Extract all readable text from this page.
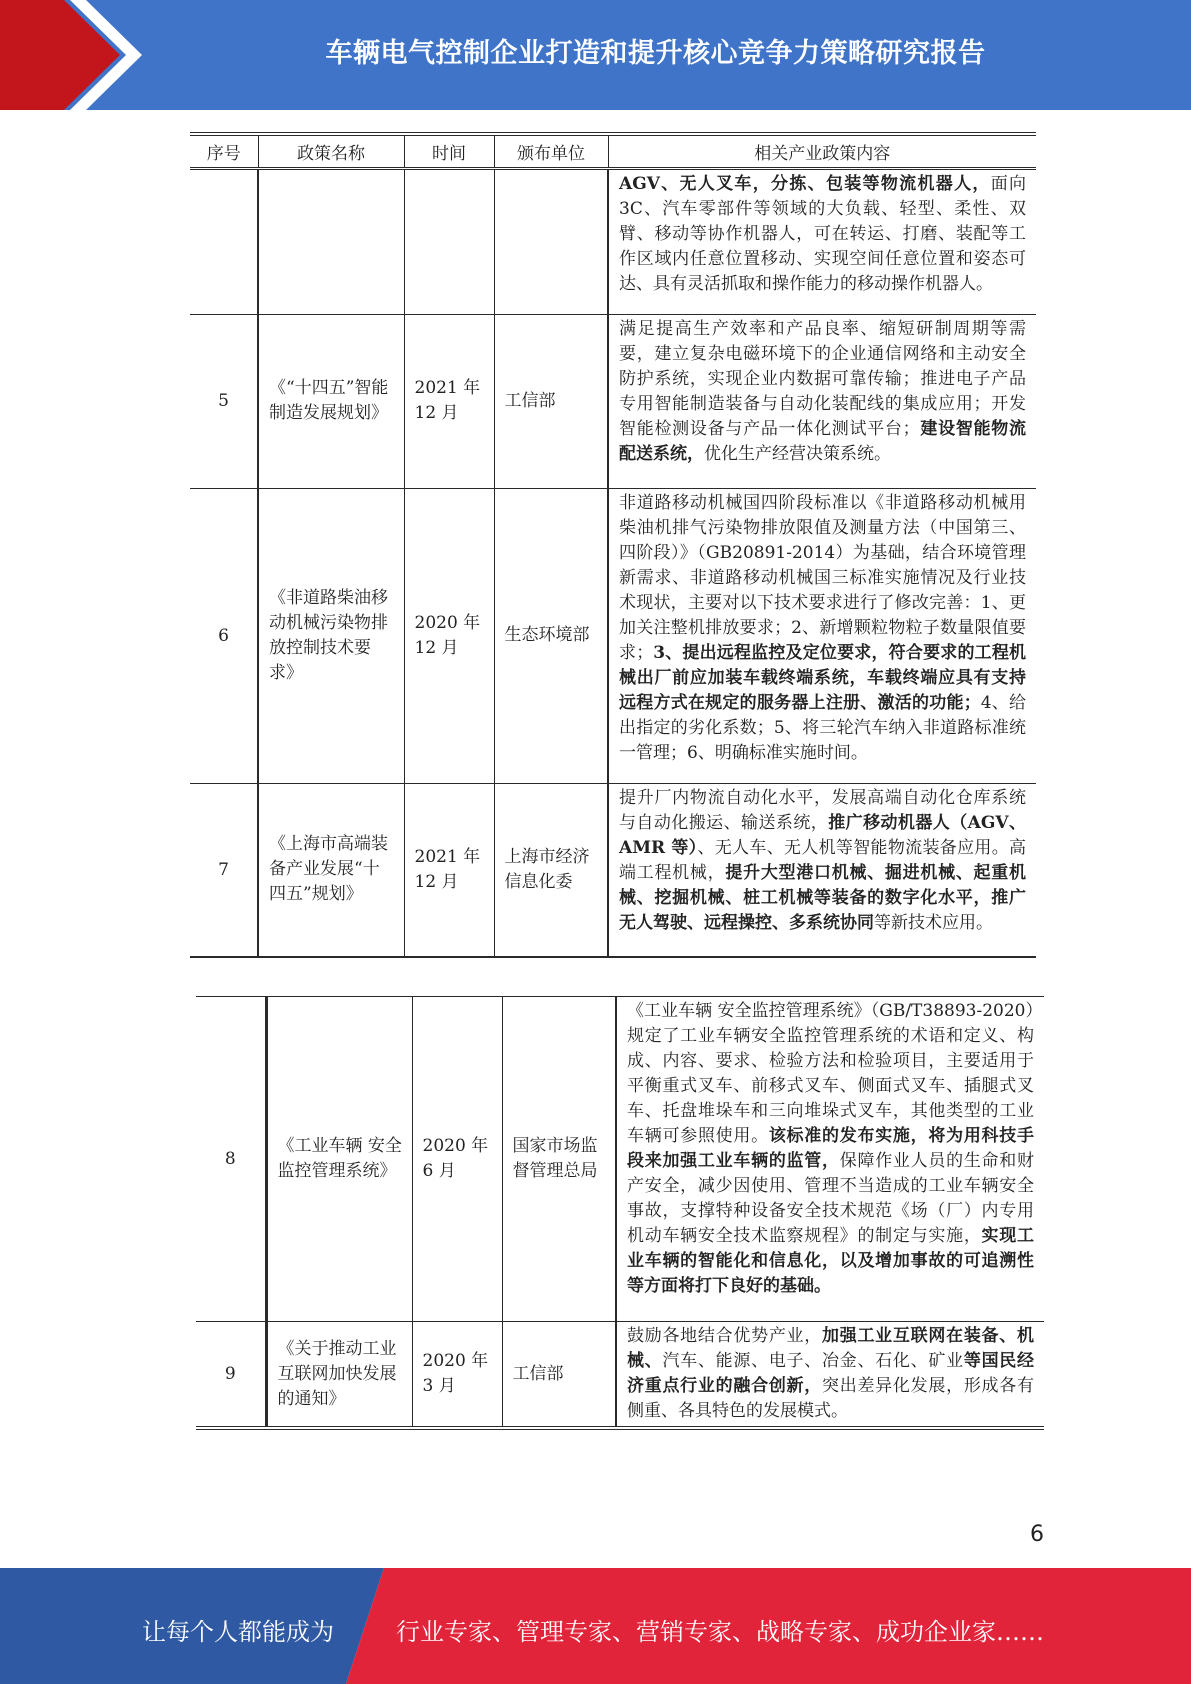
车辆电气控制企业打造和提升核心竞争力策略研究报告
序号	政策名称	时间	颁布单位	相关产业政策内容
				AGV、无人叉车，分拣、包装等物流机器人，面向 3C、汽车零部件等领域的大负载、轻型、柔性、双臂、移动等协作机器人，可在转运、打磨、装配等工作区域内任意位置移动、实现空间任意位置和姿态可达、具有灵活抓取和操作能力的移动操作机器人。
5	《“十四五”智能制造发展规划》	2021 年 12 月	工信部	满足提高生产效率和产品良率、缩短研制周期等需要，建立复杂电磁环境下的企业通信网络和主动安全防护系统，实现企业内数据可靠传输；推进电子产品专用智能制造装备与自动化装配线的集成应用；开发智能检测设备与产品一体化测试平台；建设智能物流配送系统，优化生产经营决策系统。
6	《非道路柴油移动机械污染物排放控制技术要求》	2020 年 12 月	生态环境部	非道路移动机械国四阶段标准以《非道路移动机械用柴油机排气污染物排放限值及测量方法（中国第三、四阶段）》（GB20891-2014）为基础，结合环境管理新需求、非道路移动机械国三标准实施情况及行业技术现状，主要对以下技术要求进行了修改完善：1、更加关注整机排放要求；2、新增颗粒物粒子数量限值要求；3、提出远程监控及定位要求，符合要求的工程机械出厂前应加装车载终端系统，车载终端应具有支持远程方式在规定的服务器上注册、激活的功能；4、给出指定的劣化系数；5、将三轮汽车纳入非道路标准统一管理；6、明确标准实施时间。
7	《上海市高端装备产业发展“十四五”规划》	2021 年 12 月	上海市经济信息化委	提升厂内物流自动化水平，发展高端自动化仓库系统与自动化搬运、输送系统，推广移动机器人（AGV、AMR 等）、无人车、无人机等智能物流装备应用。高端工程机械，提升大型港口机械、掘进机械、起重机械、挖掘机械、桩工机械等装备的数字化水平，推广无人驾驶、远程操控、多系统协同等新技术应用。
8	《工业车辆 安全监控管理系统》	2020 年 6 月	国家市场监督管理总局	《工业车辆 安全监控管理系统》（GB/T38893-2020）规定了工业车辆安全监控管理系统的术语和定义、构成、内容、要求、检验方法和检验项目，主要适用于平衡重式叉车、前移式叉车、侧面式叉车、插腿式叉车、托盘堆垛车和三向堆垛式叉车，其他类型的工业车辆可参照使用。该标准的发布实施，将为用科技手段来加强工业车辆的监管，保障作业人员的生命和财产安全，减少因使用、管理不当造成的工业车辆安全事故，支撑特种设备安全技术规范《场（厂）内专用机动车辆安全技术监察规程》的制定与实施，实现工业车辆的智能化和信息化，以及增加事故的可追溯性等方面将打下良好的基础。
9	《关于推动工业互联网加快发展的通知》	2020 年 3 月	工信部	鼓励各地结合优势产业，加强工业互联网在装备、机械、汽车、能源、电子、冶金、石化、矿业等国民经济重点行业的融合创新，突出差异化发展，形成各有侧重、各具特色的发展模式。
6
让每个人都能成为	行业专家、管理专家、营销专家、战略专家、成功企业家……
